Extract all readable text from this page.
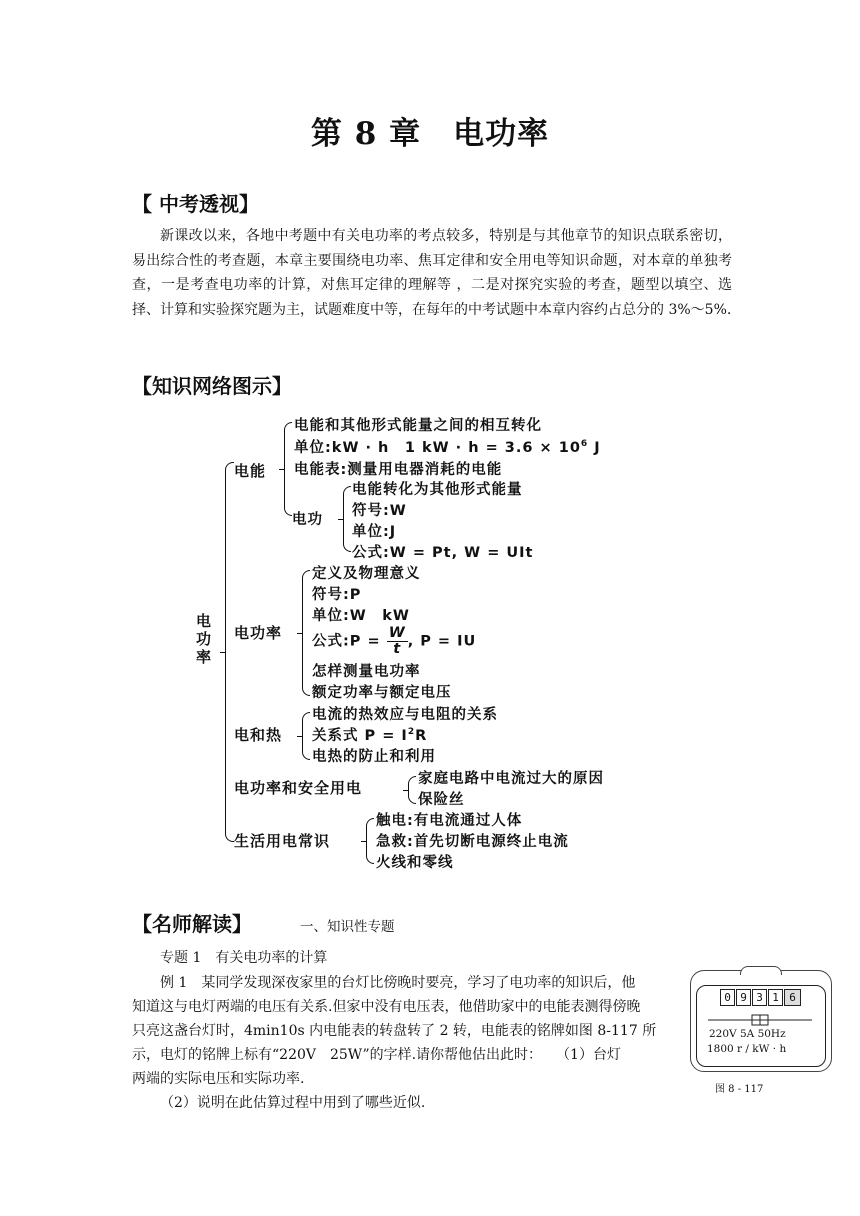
第 8 章　电功率
【 中考透视】

新课改以来，各地中考题中有关电功率的考点较多，特别是与其他章节的知识点联系密切，易出综合性的考查题，本章主要围绕电功率、焦耳定律和安全用电等知识命题，对本章的单独考查，一是考查电功率的计算，对焦耳定律的理解等 ，二是对探究实验的考查，题型以填空、选择、计算和实验探究题为主，试题难度中等，在每年的中考试题中本章内容约占总分的 3%～5%.

【知识网络图示】
电功率
电能
电能和其他形式能量之间的相互转化
单位:kW · h　1 kW · $h = 3.6 \times 10^6$ J
电能表:测量用电器消耗的电能
电功
电能转化为其他形式能量
符号:W
单位:J
公式:W = Pt, W = UIt
电功率
定义及物理意义
符号:P
单位:W　kW
公式:P = $\frac{W}{t}$ , P = IU
怎样测量电功率
额定功率与额定电压
电和热
电流的热效应与电阻的关系
关系式 $P = I^2R$
电热的防止和利用
电功率和安全用电	家庭电路中电流过大的原因
保险丝
生活用电常识
触电:有电流通过人体
急救:首先切断电源终止电流
火线和零线
【名师解读】	一、知识性专题
专题 1　有关电功率的计算
例 1　某同学发现深夜家里的台灯比傍晚时要亮，学习了电功率的知识后，他
知道这与电灯两端的电压有关系.但家中没有电压表，他借助家中的电能表测得傍晚
只亮这盏台灯时，4min10s 内电能表的转盘转了 2 转，电能表的铭牌如图 8-117 所
示，电灯的铭牌上标有“220V　25W”的字样.请你帮他估出此时：　　（1）台灯
两端的实际电压和实际功率.
（2）说明在此估算过程中用到了哪些近似.
0 9 3 1 6
220V 5A 50Hz
1800 r / kW · h
图 8 - 117
